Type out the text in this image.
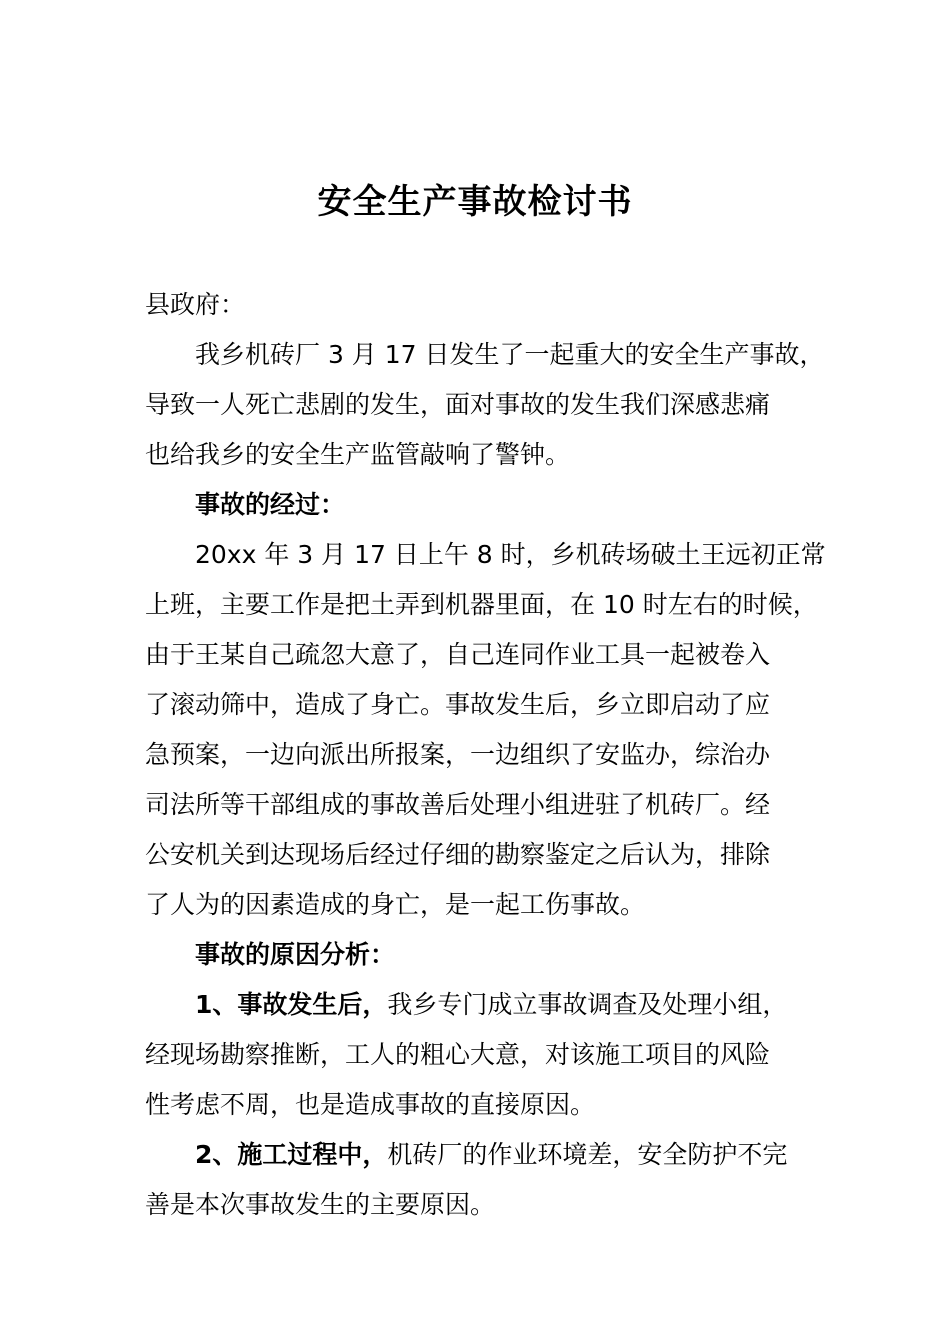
安全生产事故检讨书
县政府：
我乡机砖厂 3 月 17 日发生了一起重大的安全生产事故，
导致一人死亡悲剧的发生，面对事故的发生我们深感悲痛
也给我乡的安全生产监管敲响了警钟。
事故的经过：
20xx 年 3 月 17 日上午 8 时，乡机砖场破土王远初正常
上班，主要工作是把土弄到机器里面，在 10 时左右的时候，
由于王某自己疏忽大意了，自己连同作业工具一起被卷入
了滚动筛中，造成了身亡。事故发生后，乡立即启动了应
急预案，一边向派出所报案，一边组织了安监办，综治办
司法所等干部组成的事故善后处理小组进驻了机砖厂。经
公安机关到达现场后经过仔细的勘察鉴定之后认为，排除
了人为的因素造成的身亡，是一起工伤事故。
事故的原因分析：
1、事故发生后，我乡专门成立事故调查及处理小组，
经现场勘察推断，工人的粗心大意，对该施工项目的风险
性考虑不周，也是造成事故的直接原因。
2、施工过程中，机砖厂的作业环境差，安全防护不完
善是本次事故发生的主要原因。
